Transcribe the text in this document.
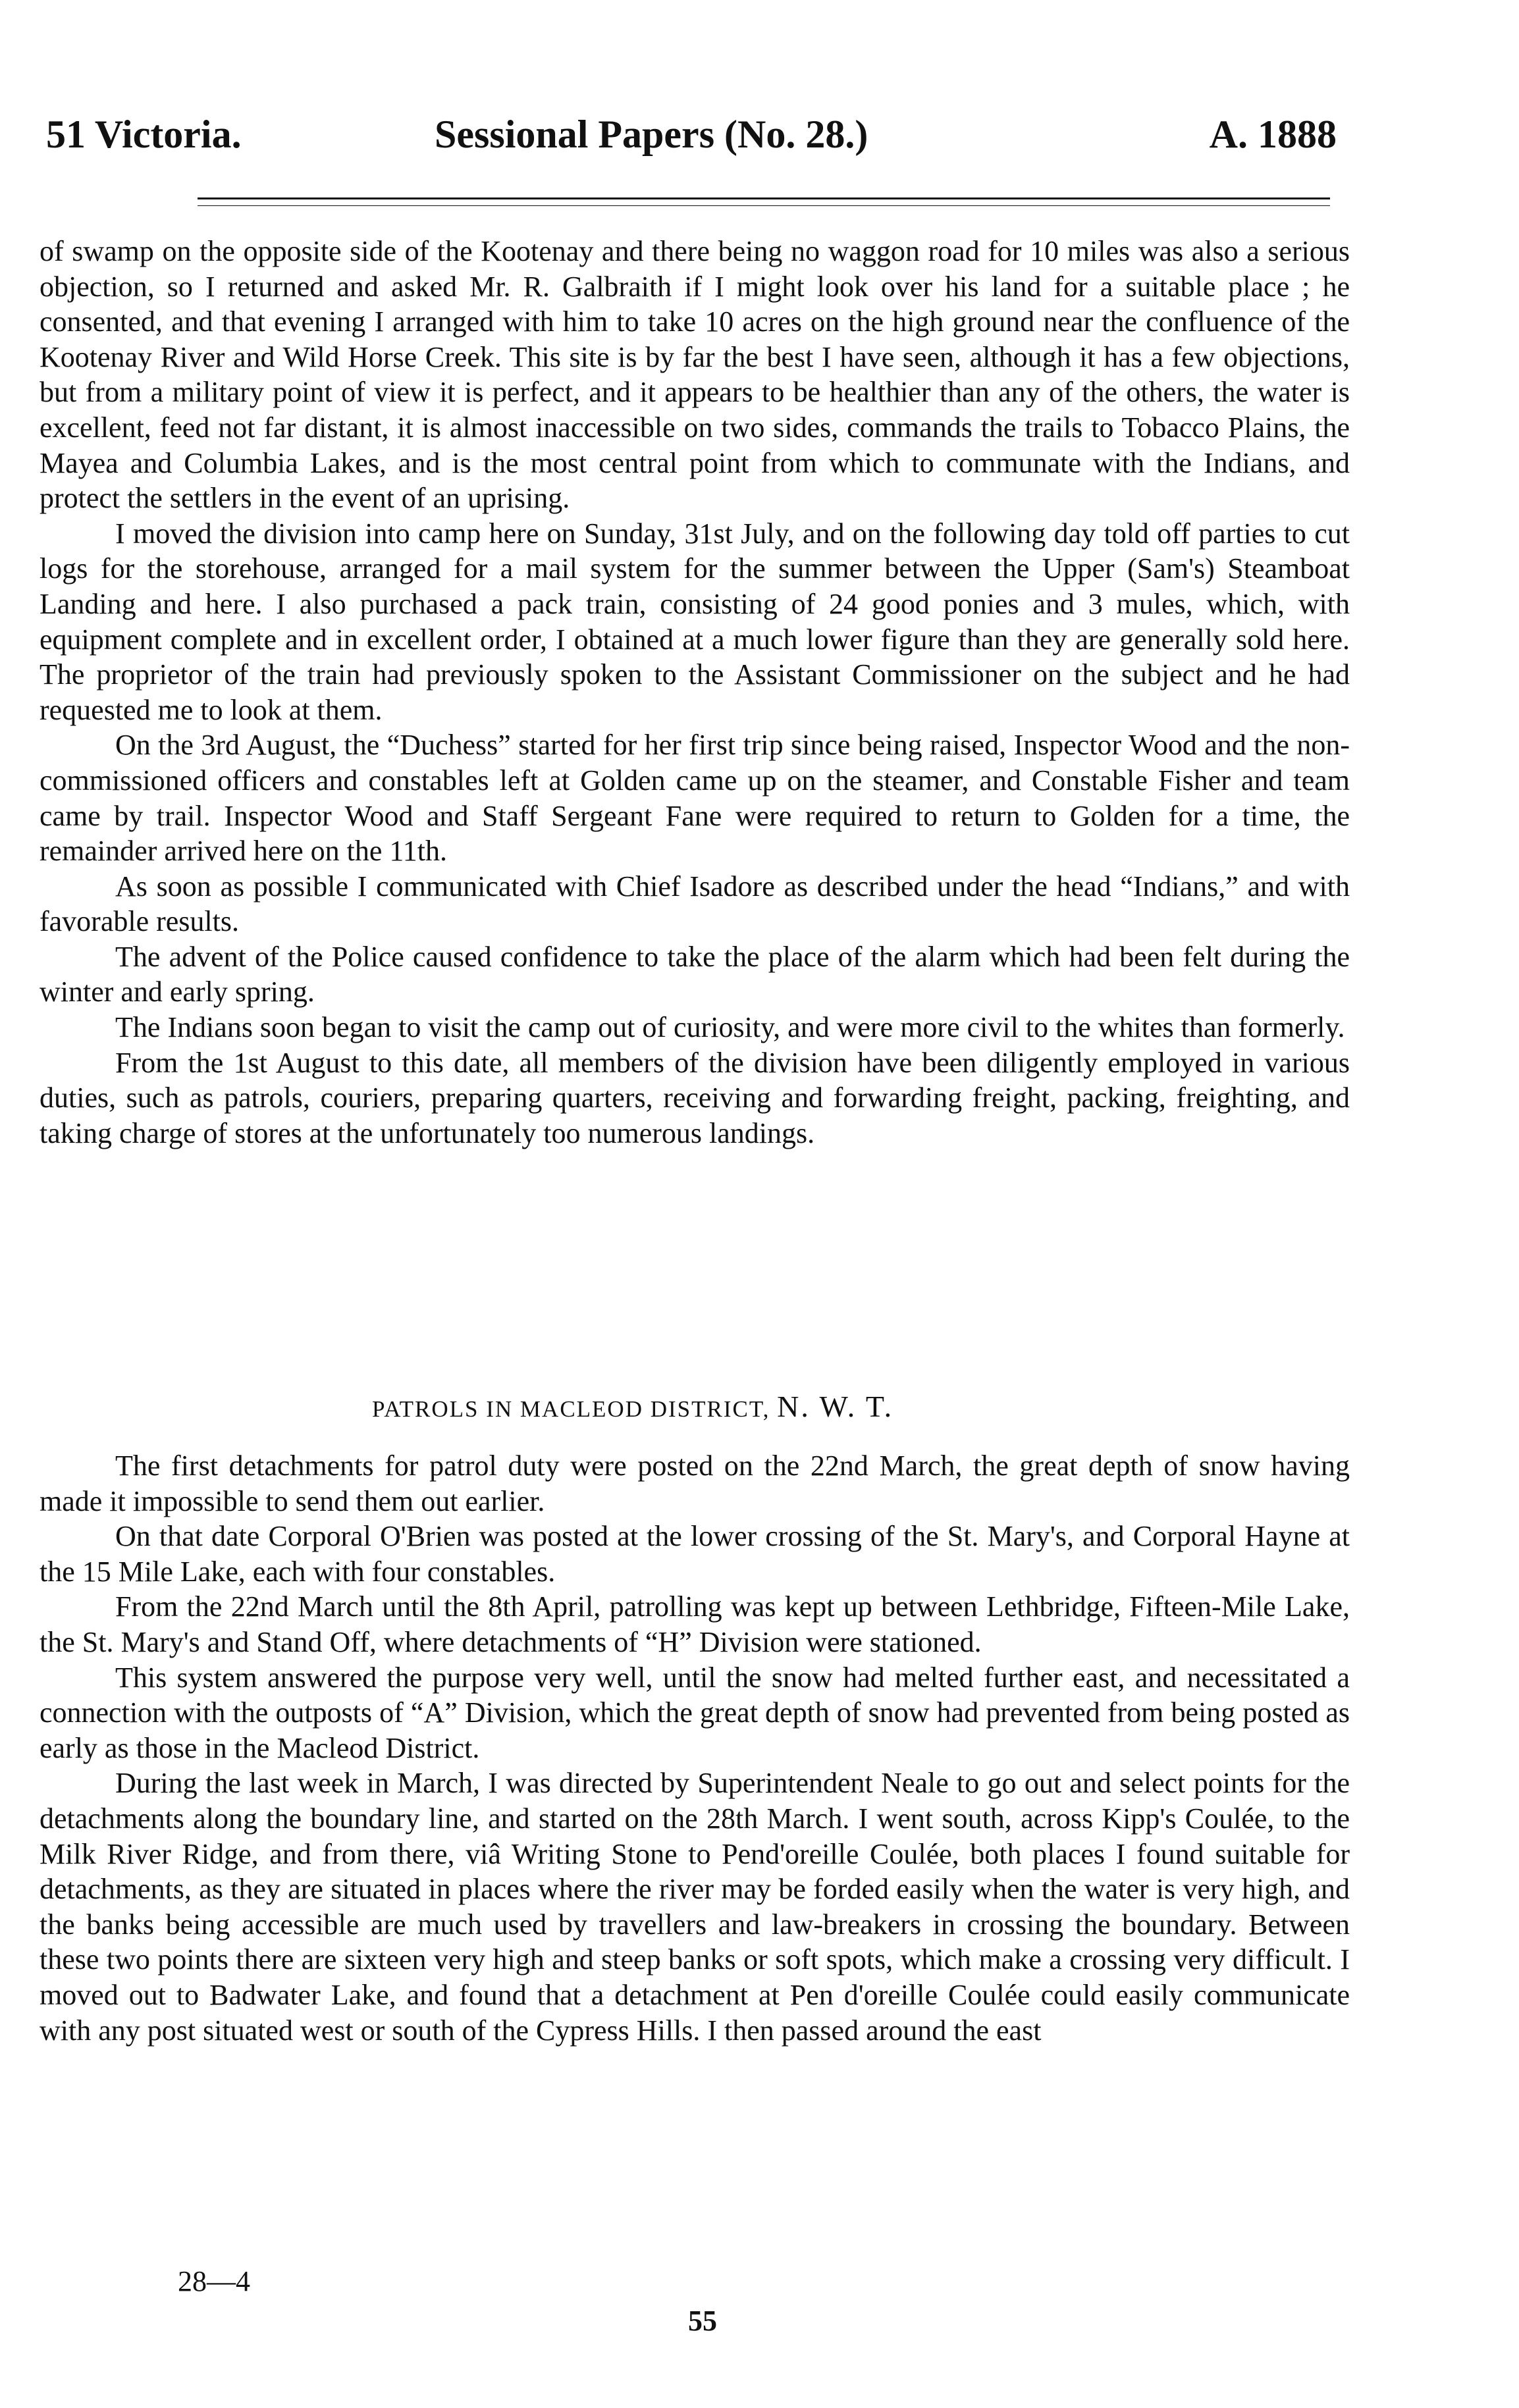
51 Victoria.	Sessional Papers (No. 28.)	A. 1888

of swamp on the opposite side of the Kootenay and there being no waggon road for 10 miles was also a serious objection, so I returned and asked Mr. R. Galbraith if I might look over his land for a suitable place ; he consented, and that evening I arranged with him to take 10 acres on the high ground near the confluence of the Kootenay River and Wild Horse Creek. This site is by far the best I have seen, although it has a few objections, but from a military point of view it is perfect, and it appears to be healthier than any of the others, the water is excellent, feed not far distant, it is almost inaccessible on two sides, commands the trails to Tobacco Plains, the Mayea and Columbia Lakes, and is the most central point from which to communate with the Indians, and protect the settlers in the event of an uprising.

I moved the division into camp here on Sunday, 31st July, and on the following day told off parties to cut logs for the storehouse, arranged for a mail system for the summer between the Upper (Sam's) Steamboat Landing and here. I also purchased a pack train, consisting of 24 good ponies and 3 mules, which, with equipment complete and in excellent order, I obtained at a much lower figure than they are generally sold here. The proprietor of the train had previously spoken to the Assistant Commissioner on the subject and he had requested me to look at them.

On the 3rd August, the “Duchess” started for her first trip since being raised, Inspector Wood and the non-commissioned officers and constables left at Golden came up on the steamer, and Constable Fisher and team came by trail. Inspector Wood and Staff Sergeant Fane were required to return to Golden for a time, the remainder arrived here on the 11th.

As soon as possible I communicated with Chief Isadore as described under the head “Indians,” and with favorable results.

The advent of the Police caused confidence to take the place of the alarm which had been felt during the winter and early spring.

The Indians soon began to visit the camp out of curiosity, and were more civil to the whites than formerly.

From the 1st August to this date, all members of the division have been diligently employed in various duties, such as patrols, couriers, preparing quarters, receiving and forwarding freight, packing, freighting, and taking charge of stores at the unfortunately too numerous landings.

PATROLS IN MACLEOD DISTRICT, N. W. T.

The first detachments for patrol duty were posted on the 22nd March, the great depth of snow having made it impossible to send them out earlier.

On that date Corporal O'Brien was posted at the lower crossing of the St. Mary's, and Corporal Hayne at the 15 Mile Lake, each with four constables.

From the 22nd March until the 8th April, patrolling was kept up between Lethbridge, Fifteen-Mile Lake, the St. Mary's and Stand Off, where detachments of “H” Division were stationed.

This system answered the purpose very well, until the snow had melted further east, and necessitated a connection with the outposts of “A” Division, which the great depth of snow had prevented from being posted as early as those in the Macleod District.

During the last week in March, I was directed by Superintendent Neale to go out and select points for the detachments along the boundary line, and started on the 28th March. I went south, across Kipp's Coulée, to the Milk River Ridge, and from there, viâ Writing Stone to Pend'oreille Coulée, both places I found suitable for detachments, as they are situated in places where the river may be forded easily when the water is very high, and the banks being accessible are much used by travellers and law-breakers in crossing the boundary. Between these two points there are sixteen very high and steep banks or soft spots, which make a crossing very difficult. I moved out to Badwater Lake, and found that a detachment at Pen d'oreille Coulée could easily communicate with any post situated west or south of the Cypress Hills. I then passed around the east

28—4
55
